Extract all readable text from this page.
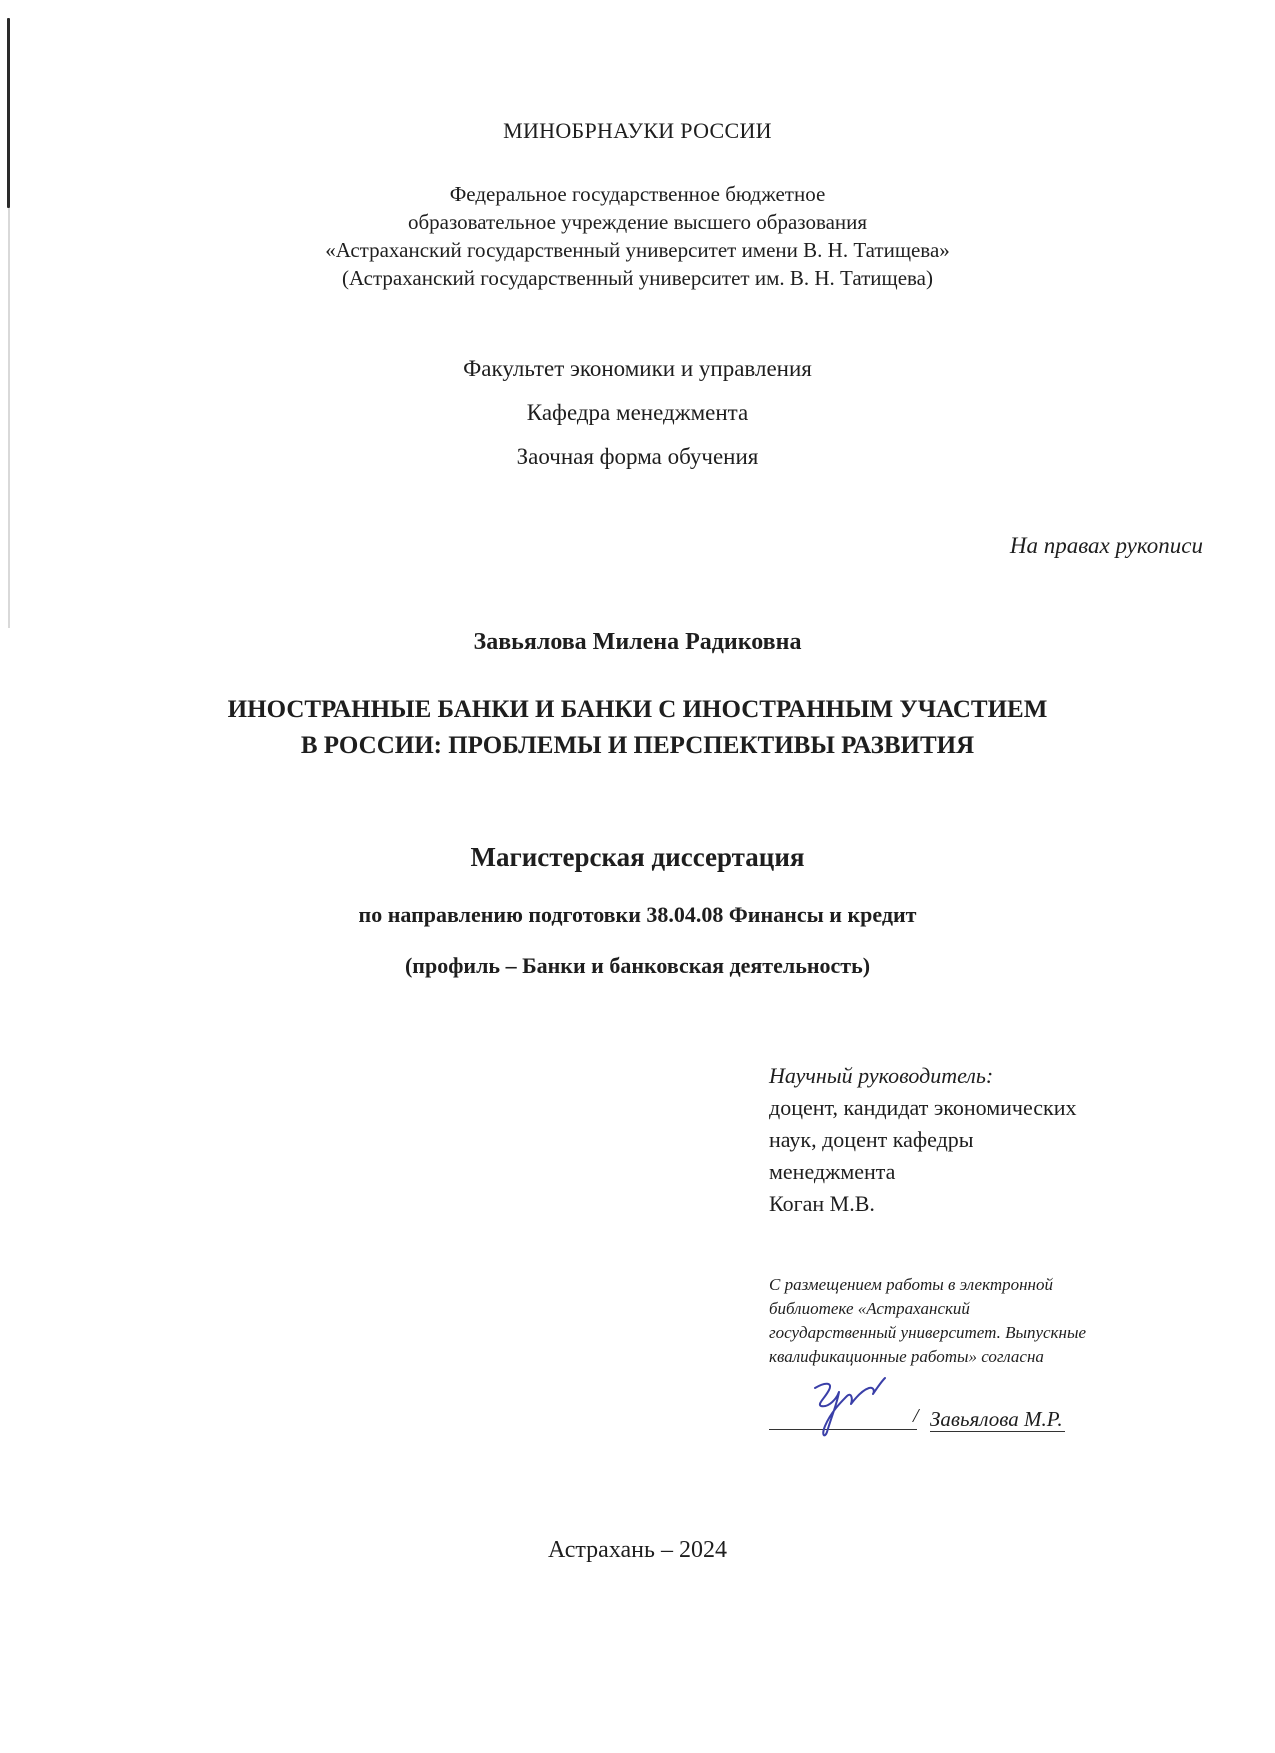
МИНОБРНАУКИ РОССИИ
Федеральное государственное бюджетное
образовательное учреждение высшего образования
«Астраханский государственный университет имени В. Н. Татищева»
(Астраханский государственный университет им. В. Н. Татищева)
Факультет экономики и управления
Кафедра менеджмента
Заочная форма обучения
На правах рукописи
Завьялова Милена Радиковна
ИНОСТРАННЫЕ БАНКИ И БАНКИ С ИНОСТРАННЫМ УЧАСТИЕМ
В РОССИИ: ПРОБЛЕМЫ И ПЕРСПЕКТИВЫ РАЗВИТИЯ
Магистерская диссертация
по направлению подготовки 38.04.08 Финансы и кредит
(профиль – Банки и банковская деятельность)
Научный руководитель:
доцент, кандидат экономических
наук, доцент кафедры
менеджмента
Коган М.В.
С размещением работы в электронной
библиотеке «Астраханский
государственный университет. Выпускные
квалификационные работы» согласна
/ Завьялова М.Р.
Астрахань – 2024
